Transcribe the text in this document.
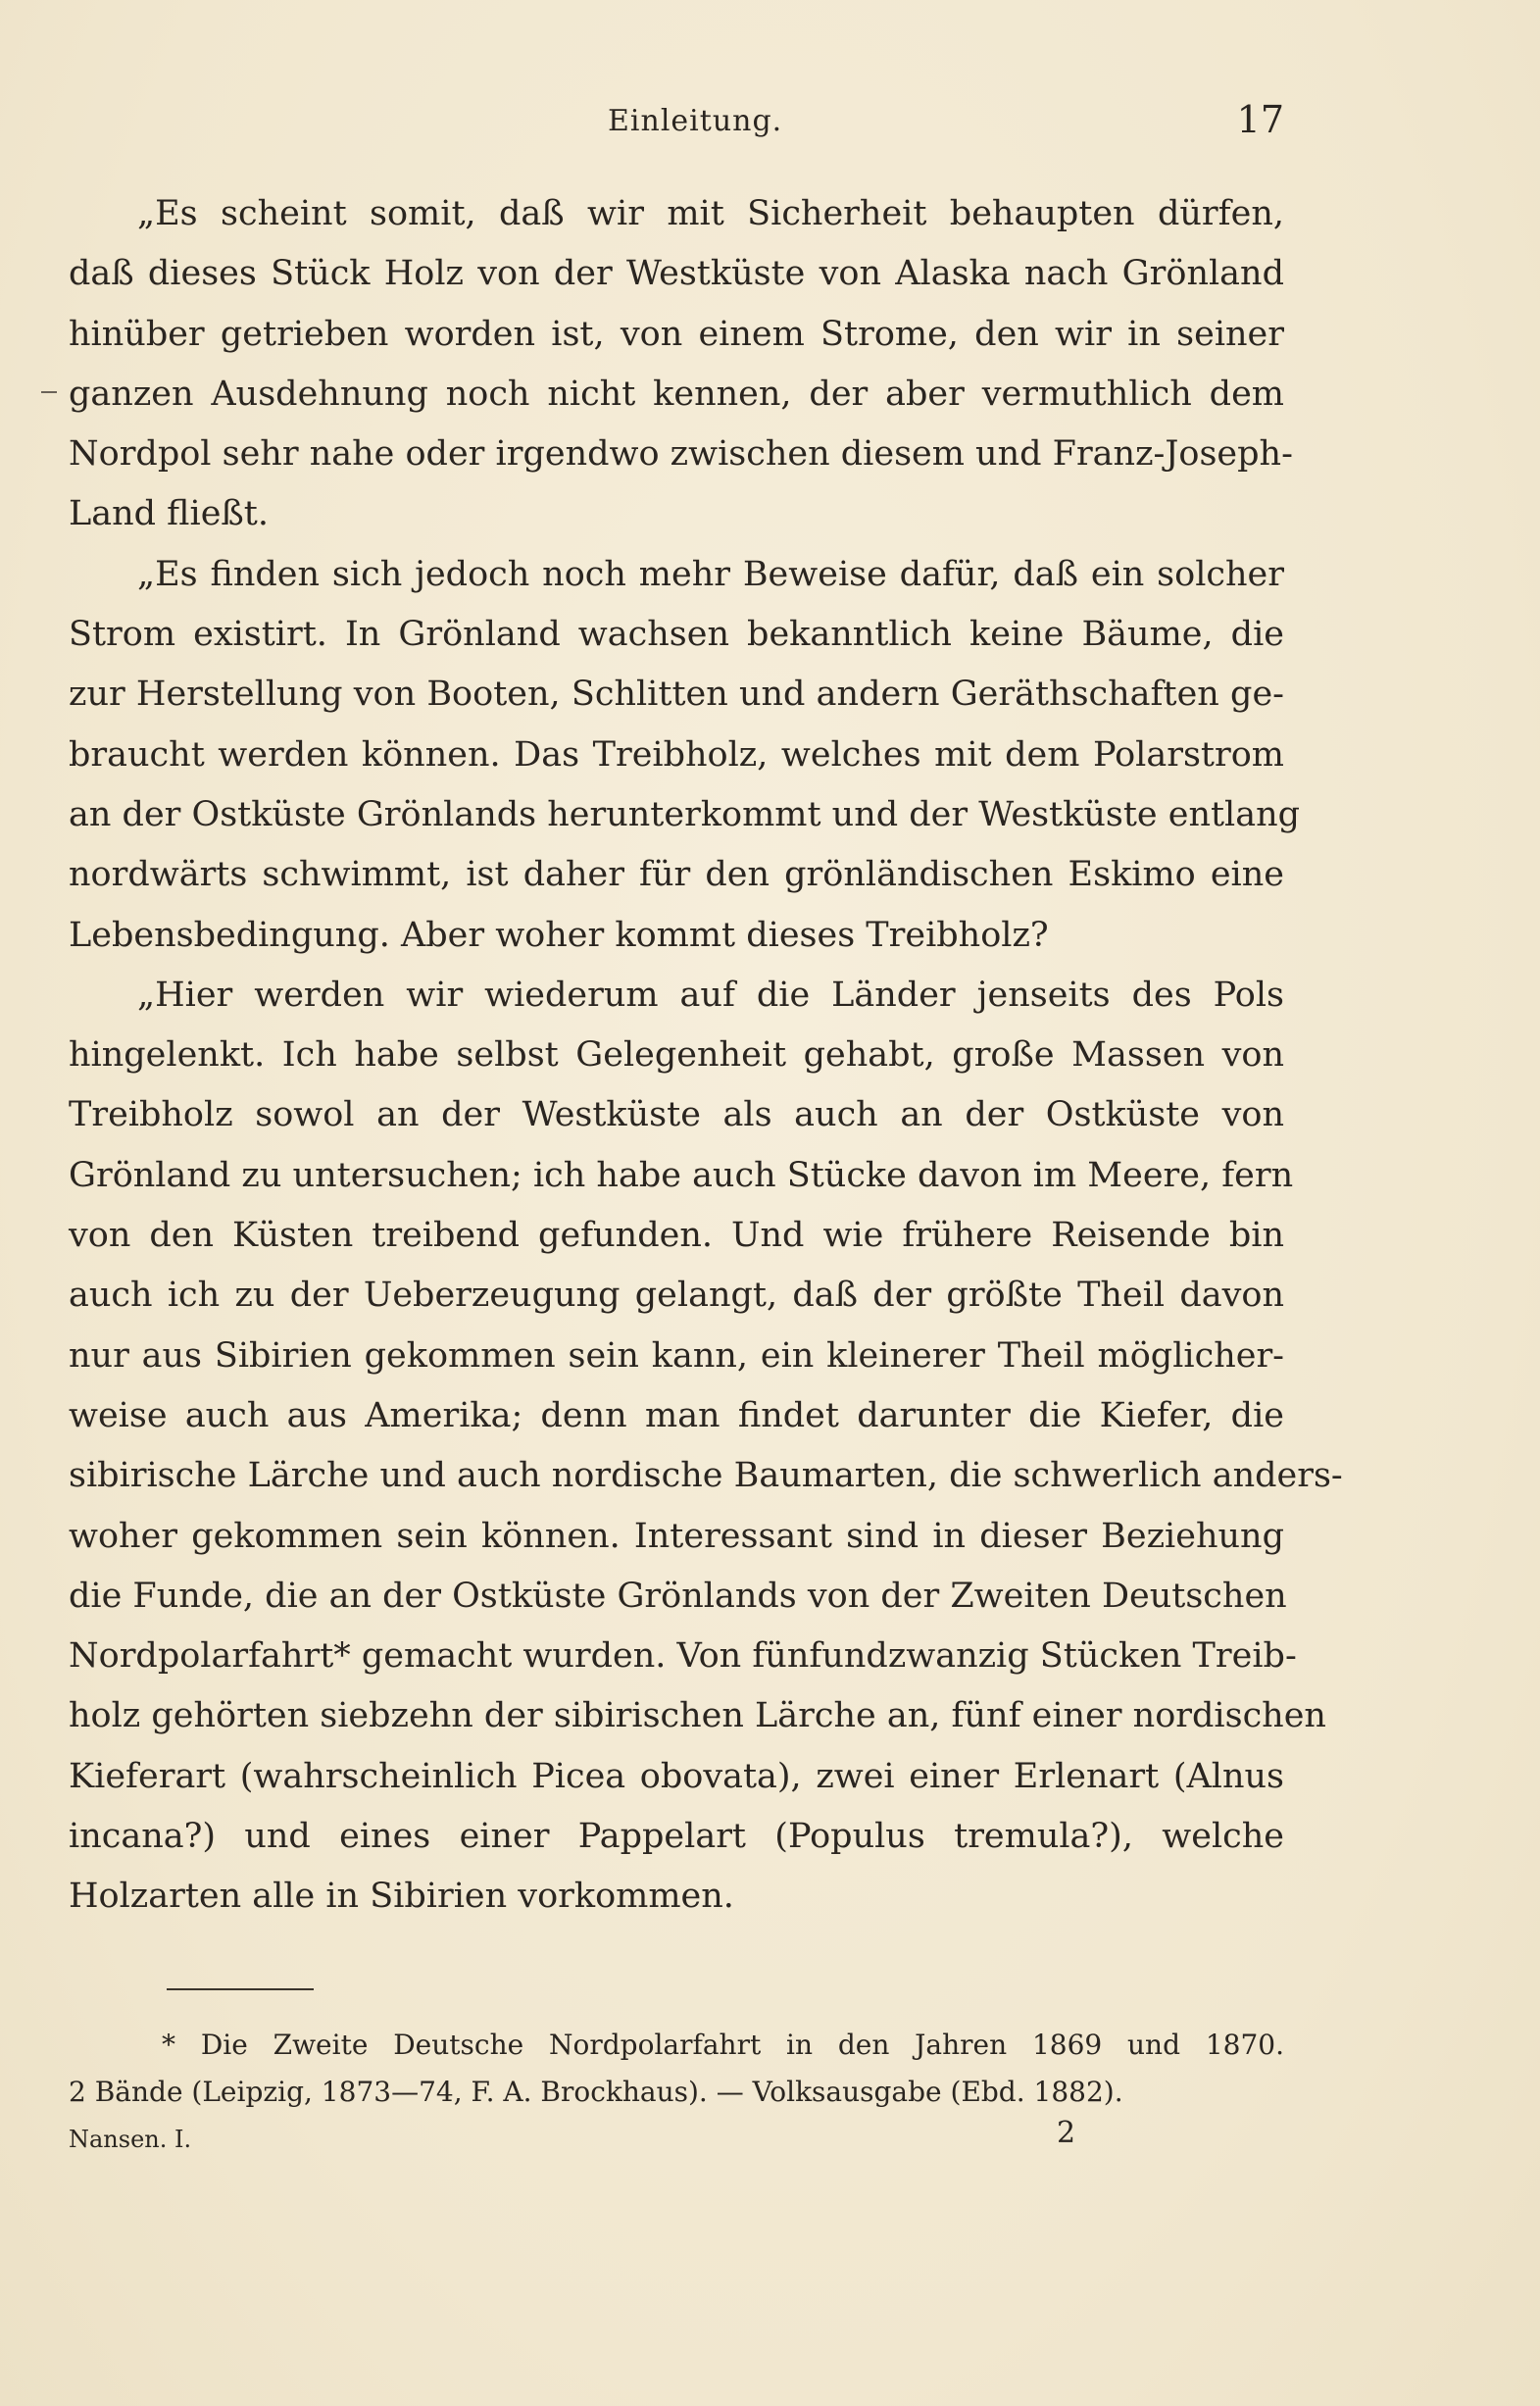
Einleitung.	17
„Es scheint somit, daß wir mit Sicherheit behaupten dürfen,
daß dieses Stück Holz von der Westküste von Alaska nach Grönland
hinüber getrieben worden ist, von einem Strome, den wir in seiner
ganzen Ausdehnung noch nicht kennen, der aber vermuthlich dem
Nordpol sehr nahe oder irgendwo zwischen diesem und Franz-Joseph-
Land fließt.
„Es finden sich jedoch noch mehr Beweise dafür, daß ein solcher
Strom existirt. In Grönland wachsen bekanntlich keine Bäume, die
zur Herstellung von Booten, Schlitten und andern Geräthschaften ge-
braucht werden können. Das Treibholz, welches mit dem Polarstrom
an der Ostküste Grönlands herunterkommt und der Westküste entlang
nordwärts schwimmt, ist daher für den grönländischen Eskimo eine
Lebensbedingung. Aber woher kommt dieses Treibholz?
„Hier werden wir wiederum auf die Länder jenseits des Pols
hingelenkt. Ich habe selbst Gelegenheit gehabt, große Massen von
Treibholz sowol an der Westküste als auch an der Ostküste von
Grönland zu untersuchen; ich habe auch Stücke davon im Meere, fern
von den Küsten treibend gefunden. Und wie frühere Reisende bin
auch ich zu der Ueberzeugung gelangt, daß der größte Theil davon
nur aus Sibirien gekommen sein kann, ein kleinerer Theil möglicher-
weise auch aus Amerika; denn man findet darunter die Kiefer, die
sibirische Lärche und auch nordische Baumarten, die schwerlich anders-
woher gekommen sein können. Interessant sind in dieser Beziehung
die Funde, die an der Ostküste Grönlands von der Zweiten Deutschen
Nordpolarfahrt* gemacht wurden. Von fünfundzwanzig Stücken Treib-
holz gehörten siebzehn der sibirischen Lärche an, fünf einer nordischen
Kieferart (wahrscheinlich Picea obovata), zwei einer Erlenart (Alnus
incana?) und eines einer Pappelart (Populus tremula?), welche
Holzarten alle in Sibirien vorkommen.
* Die Zweite Deutsche Nordpolarfahrt in den Jahren 1869 und 1870.
2 Bände (Leipzig, 1873—74, F. A. Brockhaus). — Volksausgabe (Ebd. 1882).
Nansen. I.	2
